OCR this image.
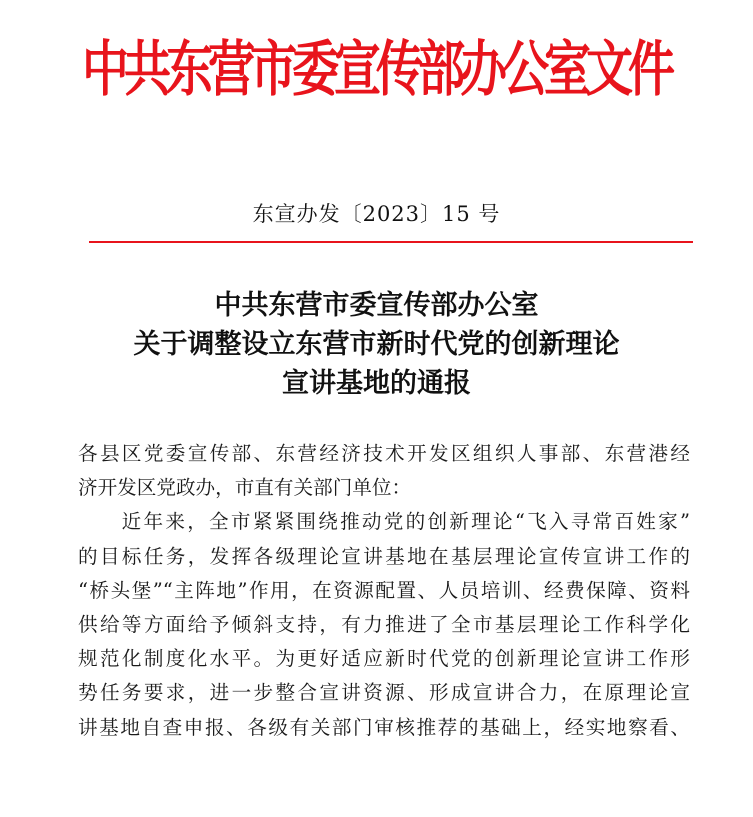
中共东营市委宣传部办公室文件
东宣办发〔2023〕15 号
中共东营市委宣传部办公室
关于调整设立东营市新时代党的创新理论
宣讲基地的通报
各县区党委宣传部、东营经济技术开发区组织人事部、东营港经
济开发区党政办，市直有关部门单位：
　　近年来，全市紧紧围绕推动党的创新理论“飞入寻常百姓家”
的目标任务，发挥各级理论宣讲基地在基层理论宣传宣讲工作的
“桥头堡”“主阵地”作用，在资源配置、人员培训、经费保障、资料
供给等方面给予倾斜支持，有力推进了全市基层理论工作科学化
规范化制度化水平。为更好适应新时代党的创新理论宣讲工作形
势任务要求，进一步整合宣讲资源、形成宣讲合力，在原理论宣
讲基地自查申报、各级有关部门审核推荐的基础上，经实地察看、
